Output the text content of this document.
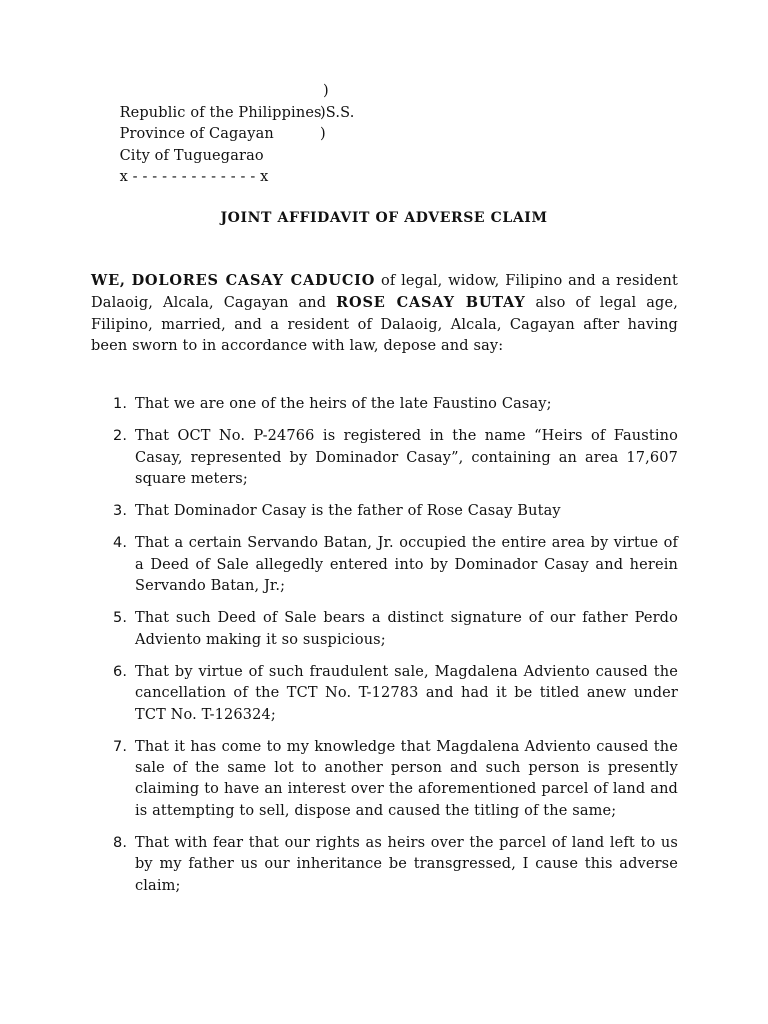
Republic of the Philippines
)

Province of Cagayan
)S.S.

City of Tuguegarao
)

x - - - - - - - - - - - - - x

JOINT AFFIDAVIT OF ADVERSE CLAIM
WE, DOLORES CASAY CADUCIO of legal, widow, Filipino and a resident Dalaoig, Alcala, Cagayan and ROSE CASAY BUTAY also of legal age, Filipino, married, and a resident of Dalaoig, Alcala, Cagayan after having been sworn to in accordance with law, depose and say:
1. That we are one of the heirs of the late Faustino Casay;
2. That OCT No. P-24766 is registered in the name “Heirs of Faustino Casay, represented by Dominador Casay”, containing an area 17,607 square meters;
3. That Dominador Casay is the father of Rose Casay Butay
4. That a certain Servando Batan, Jr. occupied the entire area by virtue of a Deed of Sale allegedly entered into by Dominador Casay and herein Servando Batan, Jr.;
5. That such Deed of Sale bears a distinct signature of our father Perdo Adviento making it so suspicious;
6. That by virtue of such fraudulent sale, Magdalena Adviento caused the cancellation of the TCT No. T-12783 and had it be titled anew under TCT No. T-126324;
7. That it has come to my knowledge that Magdalena Adviento caused the sale of the same lot to another person and such person is presently claiming to have an interest over the aforementioned parcel of land and is attempting to sell, dispose and caused the titling of the same;
8. That with fear that our rights as heirs over the parcel of land left to us by my father us our inheritance be transgressed, I cause this adverse claim;
